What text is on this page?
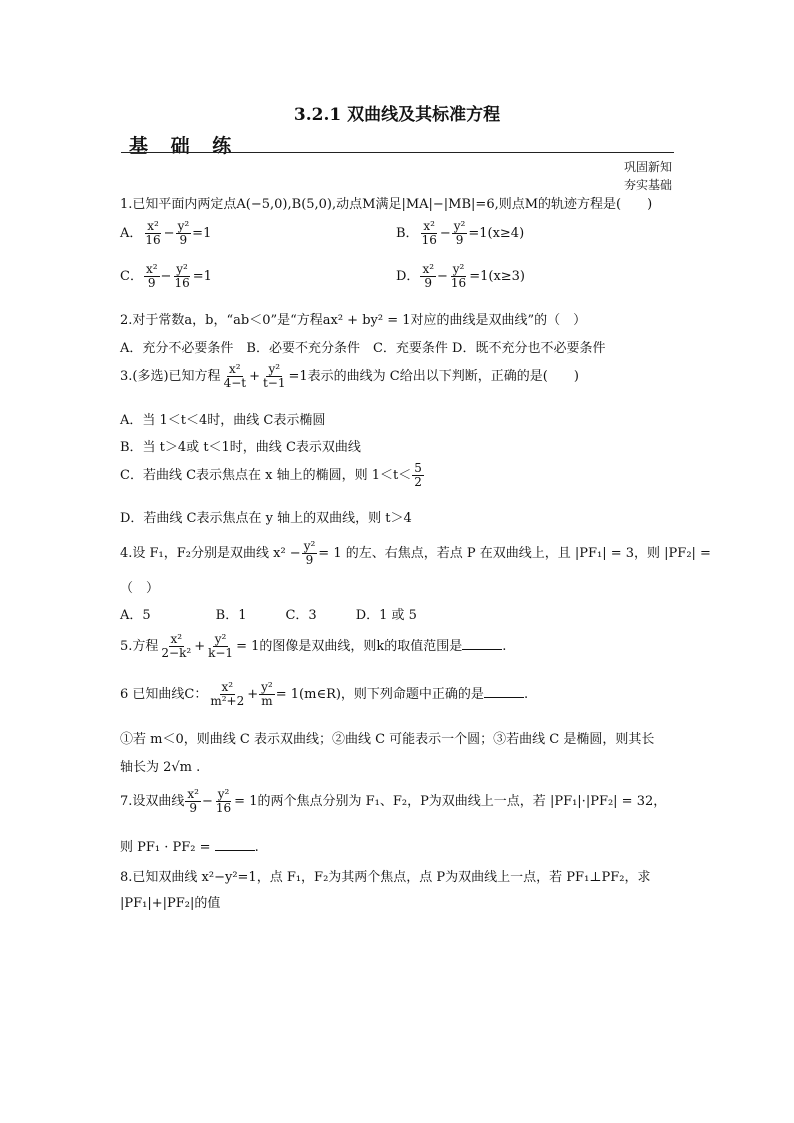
3.2.1 双曲线及其标准方程
基 础 练
巩固新知
夯实基础
1.已知平面内两定点A(−5,0),B(5,0),动点M满足|MA|−|MB|=6,则点M的轨迹方程是(　　)
A． $\frac{\text{x²}}{16} - \frac{\text{y²}}{9} =1$	B． $\frac{\text{x²}}{16} - \frac{\text{y²}}{9} =1(x\ge 4)$
C． $\frac{\text{x²}}{9} - \frac{\text{y²}}{16} =1$	D． $\frac{\text{x²}}{9} - \frac{\text{y²}}{16} =1(x\ge 3)$
2.对于常数a，b，“ab＜0”是“方程ax² + by² = 1对应的曲线是双曲线”的（　）
A．充分不必要条件　B．必要不充分条件　C．充要条件 D．既不充分也不必要条件
3.(多选)已知方程 $\frac{\text{x²}}{4-t} + \frac{\text{y²}}{t-1} =1$表示的曲线为 C给出以下判断，正确的是(　　)
A．当 1＜t＜4时，曲线 C表示椭圆
B．当 t＞4或 t＜1时，曲线 C表示双曲线
C．若曲线 C表示焦点在 x 轴上的椭圆，则 $1<t< \frac{5}{2}$
D．若曲线 C表示焦点在 y 轴上的双曲线，则 t＞4
4.设 F₁，F₂分别是双曲线 $x^2 - \frac{\text{y²}}{9} = 1$ 的左、右焦点，若点 P 在双曲线上，且 |PF₁| = 3，则 |PF₂| =
（　）
A．5　　　　　B．1　　　C．3　　　D．1 或 5
5.方程 $\frac{\text{x²}}{\text{2−k²}} + \frac{\text{y²}}{k-1} = 1$的图像是双曲线，则k的取值范围是	.
6 已知曲线C： $\frac{\text{x²}}{\text{m²+2}} + \frac{\text{y²}}{m}$ = 1(m∈R)，则下列命题中正确的是	.
①若 m＜0，则曲线 C 表示双曲线；②曲线 C 可能表示一个圆；③若曲线 C 是椭圆，则其长
轴长为 2√m .
7.设双曲线 $\frac{\text{x²}}{9} - \frac{\text{y²}}{16} = 1$的两个焦点分别为 F₁、F₂，P为双曲线上一点，若 |PF₁|·|PF₂| = 32，
则 PF₁ · PF₂ =	.
8.已知双曲线 x²−y²=1，点 F₁，F₂为其两个焦点，点 P为双曲线上一点，若 PF₁⊥PF₂，求
|PF₁|+|PF₂|的值
